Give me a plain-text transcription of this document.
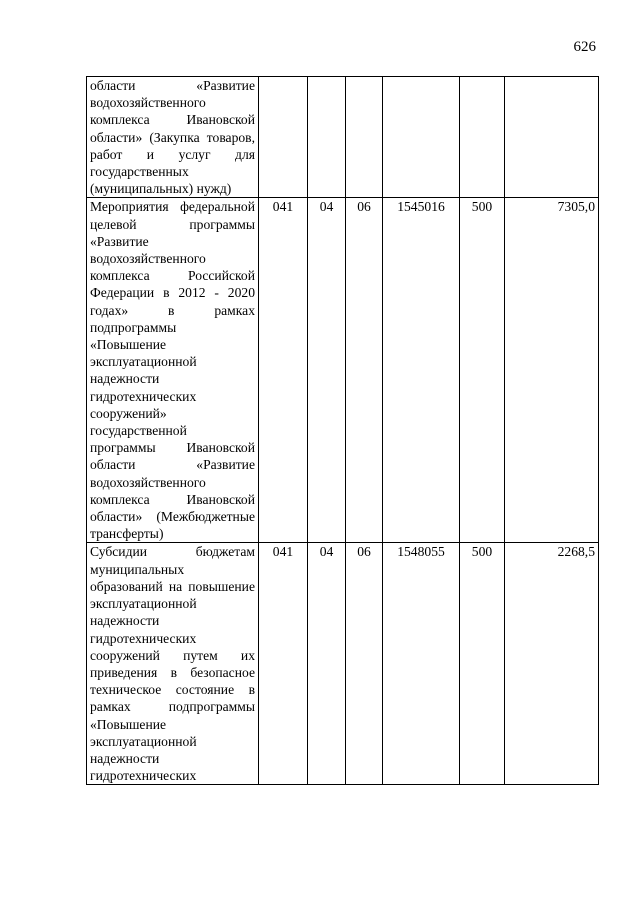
626
области «Развитие водохозяйственного комплекса Ивановской области» (Закупка товаров, работ и услуг для государственных (муниципальных) нужд)						
Мероприятия федеральной целевой программы «Развитие водохозяйственного комплекса Российской Федерации в 2012 - 2020 годах» в рамках подпрограммы «Повышение эксплуатационной надежности гидротехнических сооружений» государственной программы Ивановской области «Развитие водохозяйственного комплекса Ивановской области» (Межбюджетные трансферты)	041	04	06	1545016	500	7305,0
Субсидии бюджетам муниципальных образований на повышение эксплуатационной надежности гидротехнических сооружений путем их приведения в безопасное техническое состояние в рамках подпрограммы «Повышение эксплуатационной надежности гидротехнических	041	04	06	1548055	500	2268,5
